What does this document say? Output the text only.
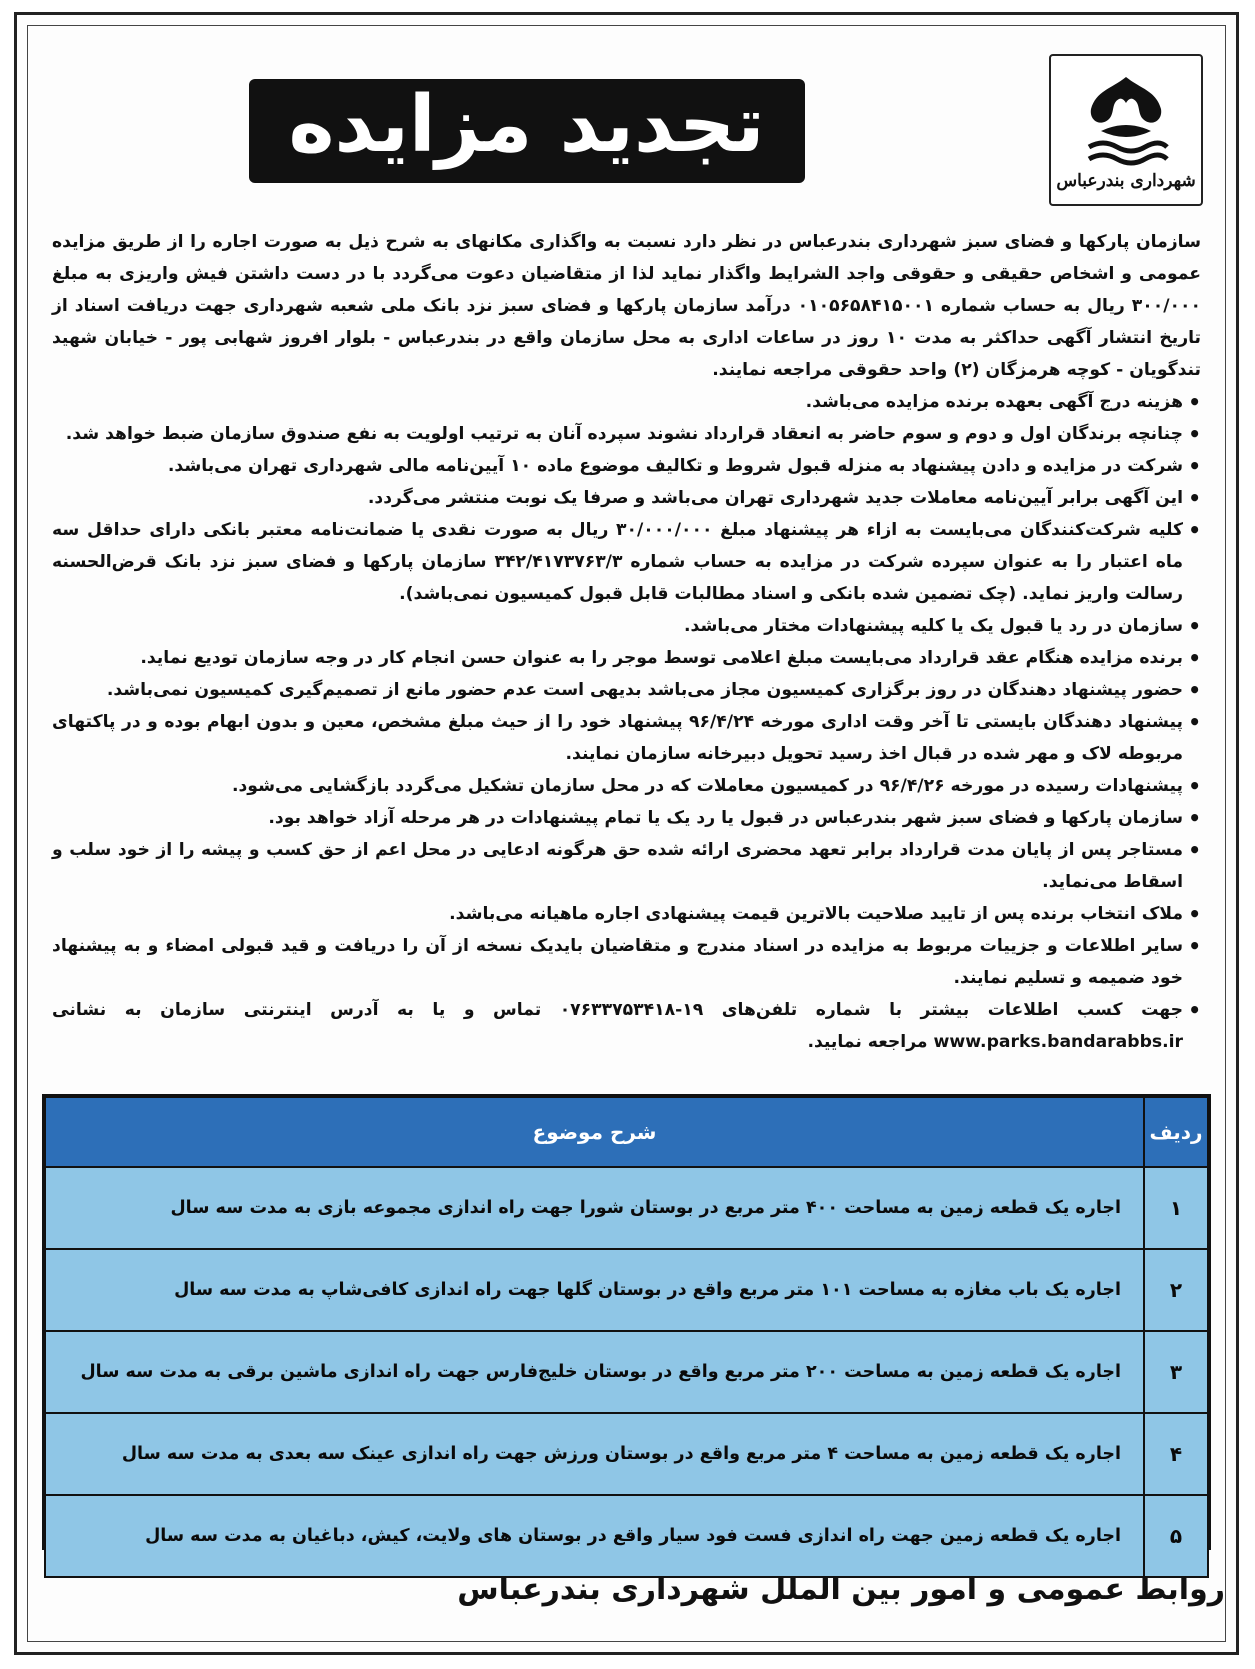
شهرداری بندرعباس
تجدید مزایده

سازمان پارکها و فضای سبز شهرداری بندرعباس در نظر دارد نسبت به واگذاری مکانهای به شرح ذیل به صورت اجاره را از طریق مزایده عمومی و اشخاص حقیقی و حقوقی واجد الشرایط واگذار نماید لذا از متقاضیان دعوت می‌گردد با در دست داشتن فیش واریزی به مبلغ ۳۰۰/۰۰۰ ریال به حساب شماره ۰۱۰۵۶۵۸۴۱۵۰۰۱ درآمد سازمان پارکها و فضای سبز نزد بانک ملی شعبه شهرداری جهت دریافت اسناد از تاریخ انتشار آگهی حداکثر به مدت ۱۰ روز در ساعات اداری به محل سازمان واقع در بندرعباس - بلوار افروز شهابی پور - خیابان شهید تندگویان - کوچه هرمزگان (۲) واحد حقوقی مراجعه نمایند.

• هزینه درج آگهی بعهده برنده مزایده می‌باشد.
• چنانچه برندگان اول و دوم و سوم حاضر به انعقاد قرارداد نشوند سپرده آنان به ترتیب اولویت به نفع صندوق سازمان ضبط خواهد شد.
• شرکت در مزایده و دادن پیشنهاد به منزله قبول شروط و تکالیف موضوع ماده ۱۰ آیین‌نامه مالی شهرداری تهران می‌باشد.
• این آگهی برابر آیین‌نامه معاملات جدید شهرداری تهران می‌باشد و صرفا یک نوبت منتشر می‌گردد.
• کلیه شرکت‌کنندگان می‌بایست به ازاء هر پیشنهاد مبلغ ۳۰/۰۰۰/۰۰۰ ریال به صورت نقدی یا ضمانت‌نامه معتبر بانکی دارای حداقل سه ماه اعتبار را به عنوان سپرده شرکت در مزایده به حساب شماره ۳۴۲/۴۱۷۳۷۶۳/۳ سازمان پارکها و فضای سبز نزد بانک قرض‌الحسنه رسالت واریز نماید. (چک تضمین شده بانکی و اسناد مطالبات قابل قبول کمیسیون نمی‌باشد).
• سازمان در رد یا قبول یک یا کلیه پیشنهادات مختار می‌باشد.
• برنده مزایده هنگام عقد قرارداد می‌بایست مبلغ اعلامی توسط موجر را به عنوان حسن انجام کار در وجه سازمان تودیع نماید.
• حضور پیشنهاد دهندگان در روز برگزاری کمیسیون مجاز می‌باشد بدیهی است عدم حضور مانع از تصمیم‌گیری کمیسیون نمی‌باشد.
• پیشنهاد دهندگان بایستی تا آخر وقت اداری مورخه ۹۶/۴/۲۴ پیشنهاد خود را از حیث مبلغ مشخص، معین و بدون ابهام بوده و در پاکتهای مربوطه لاک و مهر شده در قبال اخذ رسید تحویل دبیرخانه سازمان نمایند.
• پیشنهادات رسیده در مورخه ۹۶/۴/۲۶ در کمیسیون معاملات که در محل سازمان تشکیل می‌گردد بازگشایی می‌شود.
• سازمان پارکها و فضای سبز شهر بندرعباس در قبول یا رد یک یا تمام پیشنهادات در هر مرحله آزاد خواهد بود.
• مستاجر پس از پایان مدت قرارداد برابر تعهد محضری ارائه شده حق هرگونه ادعایی در محل اعم از حق کسب و پیشه را از خود سلب و اسقاط می‌نماید.
• ملاک انتخاب برنده پس از تایید صلاحیت بالاترین قیمت پیشنهادی اجاره ماهیانه می‌باشد.
• سایر اطلاعات و جزییات مربوط به مزایده در اسناد مندرج و متقاضیان بایدیک نسخه از آن را دریافت و قید قبولی امضاء و به پیشنهاد خود ضمیمه و تسلیم نمایند.
• جهت کسب اطلاعات بیشتر با شماره تلفن‌های ۱۹-۰۷۶۳۳۷۵۳۴۱۸ تماس و یا به آدرس اینترنتی سازمان به نشانی www.parks.bandarabbs.ir مراجعه نمایید.
ردیف	شرح موضوع
۱	اجاره یک قطعه زمین به مساحت ۴۰۰ متر مربع در بوستان شورا جهت راه اندازی مجموعه بازی به مدت سه سال
۲	اجاره یک باب مغازه به مساحت ۱۰۱ متر مربع واقع در بوستان گلها جهت راه اندازی کافی‌شاپ به مدت سه سال
۳	اجاره یک قطعه زمین به مساحت ۲۰۰ متر مربع واقع در بوستان خلیج‌فارس جهت راه اندازی ماشین برقی به مدت سه سال
۴	اجاره یک قطعه زمین به مساحت ۴ متر مربع واقع در بوستان ورزش جهت راه اندازی عینک سه بعدی به مدت سه سال
۵	اجاره یک قطعه زمین جهت راه اندازی فست فود سیار واقع در بوستان های ولایت، کیش، دباغیان به مدت سه سال
روابط عمومی و امور بین الملل شهرداری بندرعباس
